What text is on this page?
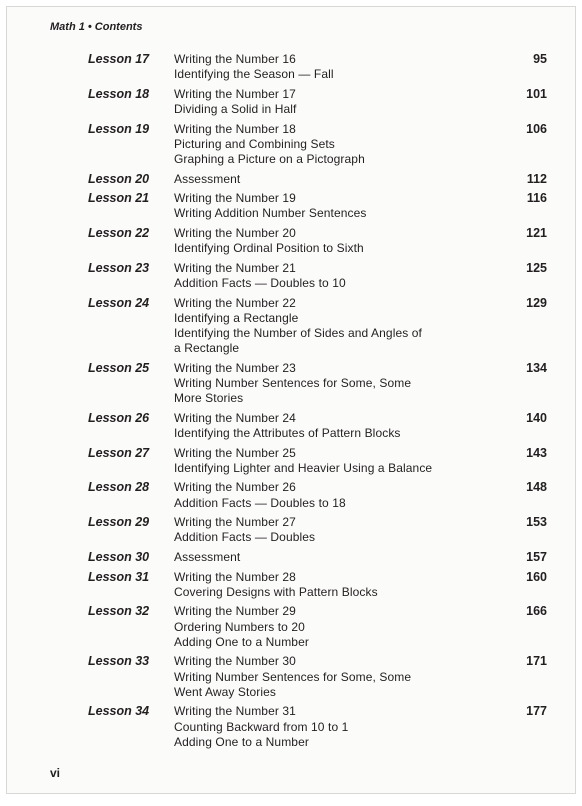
Math 1 • Contents
Lesson 17 Writing the Number 16
Identifying the Season — Fall
95
Lesson 18 Writing the Number 17
Dividing a Solid in Half
101
Lesson 19 Writing the Number 18
Picturing and Combining Sets
Graphing a Picture on a Pictograph
106
Lesson 20 Assessment	112
Lesson 21 Writing the Number 19
Writing Addition Number Sentences
116
Lesson 22 Writing the Number 20
Identifying Ordinal Position to Sixth
121
Lesson 23 Writing the Number 21
Addition Facts — Doubles to 10
125
Lesson 24 Writing the Number 22
Identifying a Rectangle
Identifying the Number of Sides and Angles of
a Rectangle
129
Lesson 25 Writing the Number 23
Writing Number Sentences for Some, Some
More Stories
134
Lesson 26 Writing the Number 24
Identifying the Attributes of Pattern Blocks
140
Lesson 27 Writing the Number 25
Identifying Lighter and Heavier Using a Balance
143
Lesson 28 Writing the Number 26
Addition Facts — Doubles to 18
148
Lesson 29 Writing the Number 27
Addition Facts — Doubles
153
Lesson 30 Assessment	157
Lesson 31 Writing the Number 28
Covering Designs with Pattern Blocks
160
Lesson 32 Writing the Number 29
Ordering Numbers to 20
Adding One to a Number
166
Lesson 33 Writing the Number 30
Writing Number Sentences for Some, Some
Went Away Stories
171
Lesson 34 Writing the Number 31
Counting Backward from 10 to 1
Adding One to a Number
177
vi
